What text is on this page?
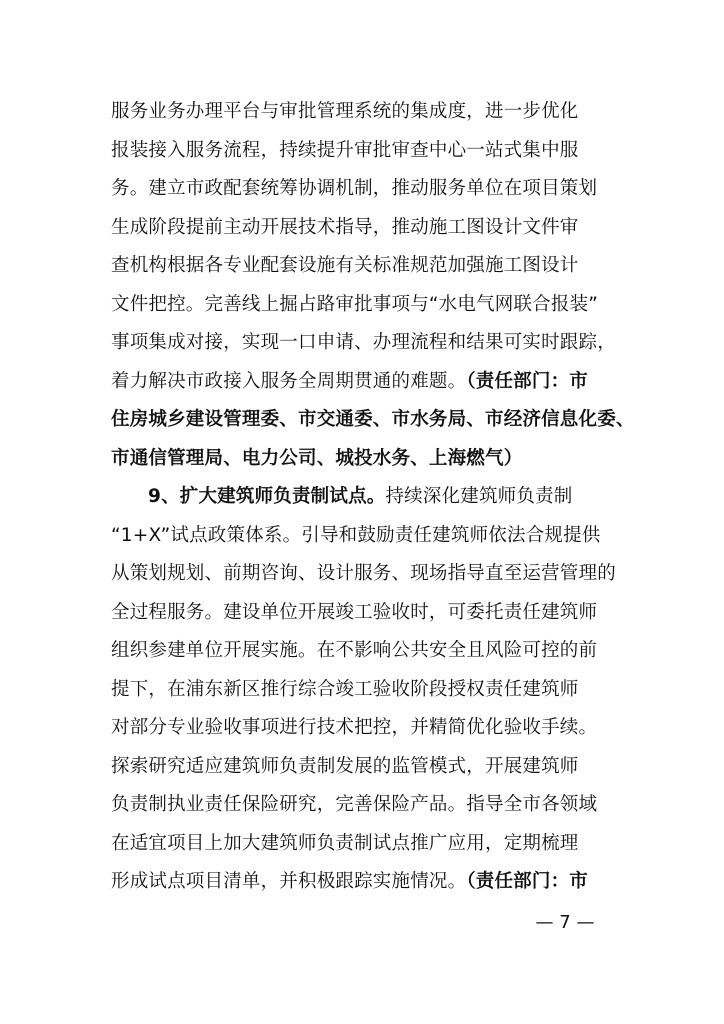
服务业务办理平台与审批管理系统的集成度，进一步优化
报装接入服务流程，持续提升审批审查中心一站式集中服
务。建立市政配套统筹协调机制，推动服务单位在项目策划
生成阶段提前主动开展技术指导，推动施工图设计文件审
查机构根据各专业配套设施有关标准规范加强施工图设计
文件把控。完善线上掘占路审批事项与“水电气网联合报装”
事项集成对接，实现一口申请、办理流程和结果可实时跟踪，
着力解决市政接入服务全周期贯通的难题。（责任部门：市
住房城乡建设管理委、市交通委、市水务局、市经济信息化委、
市通信管理局、电力公司、城投水务、上海燃气）
9、扩大建筑师负责制试点。持续深化建筑师负责制
“1+X”试点政策体系。引导和鼓励责任建筑师依法合规提供
从策划规划、前期咨询、设计服务、现场指导直至运营管理的
全过程服务。建设单位开展竣工验收时，可委托责任建筑师
组织参建单位开展实施。在不影响公共安全且风险可控的前
提下，在浦东新区推行综合竣工验收阶段授权责任建筑师
对部分专业验收事项进行技术把控，并精简优化验收手续。
探索研究适应建筑师负责制发展的监管模式，开展建筑师
负责制执业责任保险研究，完善保险产品。指导全市各领域
在适宜项目上加大建筑师负责制试点推广应用，定期梳理
形成试点项目清单，并积极跟踪实施情况。（责任部门：市
— 7 —
